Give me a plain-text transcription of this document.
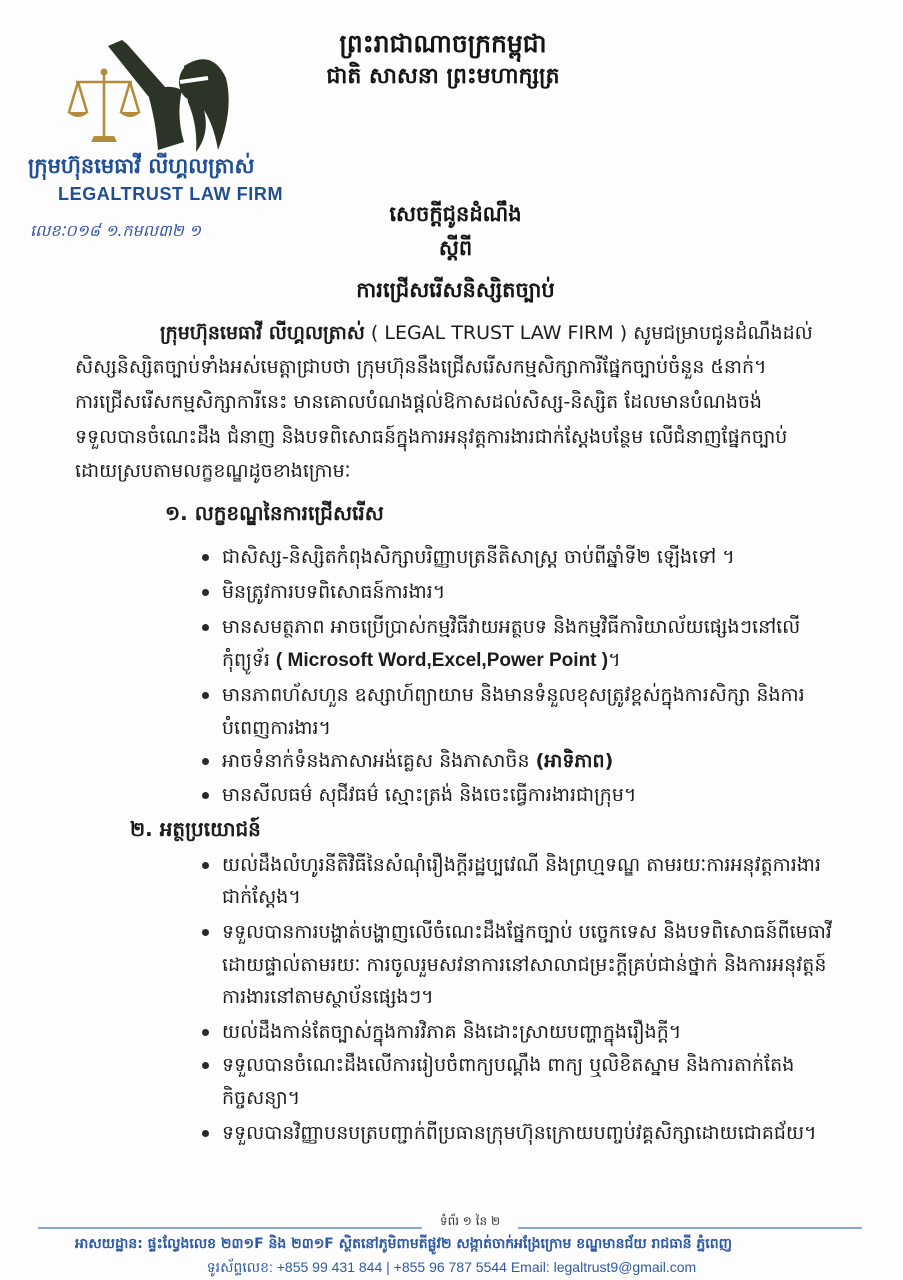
ព្រះរាជាណាចក្រកម្ពុជា
ជាតិ សាសនា ព្រះមហាក្សត្រ
ក្រុមហ៊ុនមេធាវី លីហ្គលត្រាស់
LEGALTRUST LAW FIRM
លេខៈ០១៨ ១.កមល៣២ ១
សេចក្តីជូនដំណឹង
ស្តីពី
ការជ្រើសរើសនិស្សិតច្បាប់
ក្រុមហ៊ុនមេធាវី លីហ្គលត្រាស់ ( LEGAL TRUST LAW FIRM ) សូមជម្រាបជូនដំណឹងដល់
សិស្សនិស្សិតច្បាប់ទាំងអស់មេត្តាជ្រាបថា ក្រុមហ៊ុននឹងជ្រើសរើសកម្មសិក្សាការីផ្នែកច្បាប់ចំនួន ៥នាក់។
ការជ្រើសរើសកម្មសិក្សាការីនេះ មានគោលបំណងផ្តល់ឱកាសដល់សិស្ស-និស្សិត ដែលមានបំណងចង់
ទទួលបានចំណេះដឹង ជំនាញ និងបទពិសោធន៍ក្នុងការអនុវត្តការងារជាក់ស្តែងបន្ថែម លើជំនាញផ្នែកច្បាប់
ដោយស្របតាមលក្ខខណ្ឌដូចខាងក្រោមៈ
១. លក្ខខណ្ឌនៃការជ្រើសរើស
ជាសិស្ស-និស្សិតកំពុងសិក្សាបរិញ្ញាបត្រនីតិសាស្ត្រ ចាប់ពីឆ្នាំទី២ ឡើងទៅ ។
មិនត្រូវការបទពិសោធន៍ការងារ។
មានសមត្ថភាព អាចប្រើប្រាស់កម្មវិធីវាយអត្ថបទ និងកម្មវិធីការិយាល័យផ្សេងៗនៅលើ
កុំព្យូទ័រ ( Microsoft Word,Excel,Power Point )។
មានភាពហ័សហួន ឧស្សាហ៍ព្យាយាម និងមានទំនួលខុសត្រូវខ្ពស់ក្នុងការសិក្សា និងការ
បំពេញការងារ។
អាចទំនាក់ទំនងភាសាអង់គ្លេស និងភាសាចិន (អាទិភាព)
មានសីលធម៌ សុជីវធម៌ ស្មោះត្រង់ និងចេះធ្វើការងារជាក្រុម។
២. អត្ថប្រយោជន៍
យល់ដឹងលំហូរនីតិវិធីនៃសំណុំរឿងក្តីរដ្ឋប្បវេណី និងព្រហ្មទណ្ឌ តាមរយៈការអនុវត្តការងារ
ជាក់ស្តែង។
ទទួលបានការបង្ហាត់បង្ហាញលើចំណេះដឹងផ្នែកច្បាប់ បច្ចេកទេស និងបទពិសោធន៍ពីមេធាវី
ដោយផ្ទាល់តាមរយៈ ការចូលរួមសវនាការនៅសាលាជម្រះក្តីគ្រប់ជាន់ថ្នាក់ និងការអនុវត្តន៍
ការងារនៅតាមស្ថាប័នផ្សេងៗ។
យល់ដឹងកាន់តែច្បាស់ក្នុងការវិភាគ និងដោះស្រាយបញ្ហាក្នុងរឿងក្តី។
ទទួលបានចំណេះដឹងលើការរៀបចំពាក្យបណ្តឹង ពាក្យ ឬលិខិតស្នាម និងការតាក់តែង
កិច្ចសន្យា។
ទទួលបានវិញ្ញាបនបត្របញ្ជាក់ពីប្រធានក្រុមហ៊ុនក្រោយបញ្ចប់វគ្គសិក្សាដោយជោគជ័យ។
ទំព័រ ១ នៃ ២
អាសយដ្ឋាន: ផ្ទះល្វែងលេខ ២៣១F និង ២៣១F ស្ថិតនៅភូមិពាមតីផ្លូវ២ សង្កាត់ចាក់អង្រែក្រោម ខណ្ឌមានជ័យ រាជធានី ភ្នំពេញ
ទូរស័ព្ទលេខ: +855 99 431 844 | +855 96 787 5544 Email: legaltrust9@gmail.com
